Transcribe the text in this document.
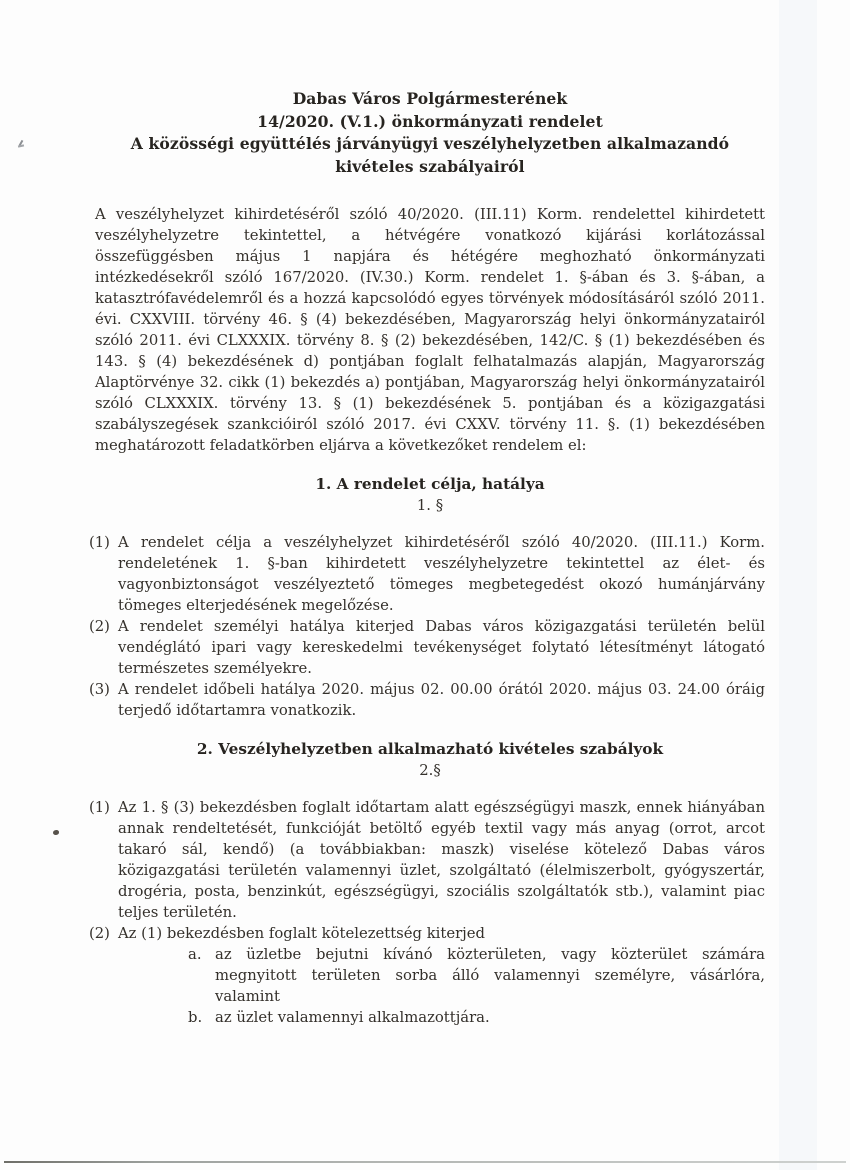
Dabas Város Polgármesterének
14/2020. (V.1.) önkormányzati rendelet
A közösségi együttélés járványügyi veszélyhelyzetben alkalmazandó
kivételes szabályairól

A veszélyhelyzet kihirdetéséről szóló 40/2020. (III.11) Korm. rendelettel kihirdetett veszélyhelyzetre tekintettel, a hétvégére vonatkozó kijárási korlátozással összefüggésben május 1 napjára és hétégére meghozható önkormányzati intézkedésekről szóló 167/2020. (IV.30.) Korm. rendelet 1. §-ában és 3. §-ában, a katasztrófavédelemről és a hozzá kapcsolódó egyes törvények módosításáról szóló 2011. évi. CXXVIII. törvény 46. § (4) bekezdésében, Magyarország helyi önkormányzatairól szóló 2011. évi CLXXXIX. törvény 8. § (2) bekezdésében, 142/C. § (1) bekezdésében és 143. § (4) bekezdésének d) pontjában foglalt felhatalmazás alapján, Magyarország Alaptörvénye 32. cikk (1) bekezdés a) pontjában, Magyarország helyi önkormányzatairól szóló CLXXXIX. törvény 13. § (1) bekezdésének 5. pontjában és a közigazgatási szabályszegések szankcióiról szóló 2017. évi CXXV. törvény 11. §. (1) bekezdésében meghatározott feladatkörben eljárva a következőket rendelem el:

1. A rendelet célja, hatálya
1. §
(1) A rendelet célja a veszélyhelyzet kihirdetéséről szóló 40/2020. (III.11.) Korm. rendeletének 1. §-ban kihirdetett veszélyhelyzetre tekintettel az élet- és vagyonbiztonságot veszélyeztető tömeges megbetegedést okozó humánjárvány tömeges elterjedésének megelőzése.
(2) A rendelet személyi hatálya kiterjed Dabas város közigazgatási területén belül vendéglátó ipari vagy kereskedelmi tevékenységet folytató létesítményt látogató természetes személyekre.
(3) A rendelet időbeli hatálya 2020. május 02. 00.00 órától 2020. május 03. 24.00 óráig terjedő időtartamra vonatkozik.
2. Veszélyhelyzetben alkalmazható kivételes szabályok
2.§
(1) Az 1. § (3) bekezdésben foglalt időtartam alatt egészségügyi maszk, ennek hiányában annak rendeltetését, funkcióját betöltő egyéb textil vagy más anyag (orrot, arcot takaró sál, kendő) (a továbbiakban: maszk) viselése kötelező Dabas város közigazgatási területén valamennyi üzlet, szolgáltató (élelmiszerbolt, gyógyszertár, drogéria, posta, benzinkút, egészségügyi, szociális szolgáltatók stb.), valamint piac teljes területén.
(2) Az (1) bekezdésben foglalt kötelezettség kiterjed
a. az üzletbe bejutni kívánó közterületen, vagy közterület számára megnyitott területen sorba álló valamennyi személyre, vásárlóra, valamint
b. az üzlet valamennyi alkalmazottjára.
